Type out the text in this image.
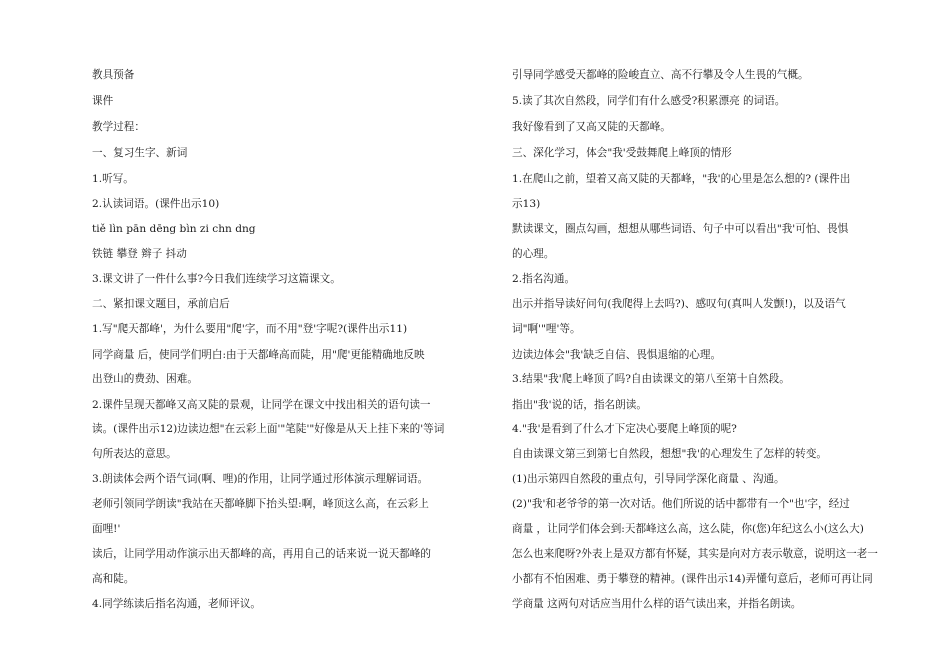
教具预备
课件
教学过程：
一、复习生字、新词
1.听写。
2.认读词语。(课件出示10)
tiě lìn pān dēng bìn zi chn dng
铁链 攀登 辫子 抖动
3.课文讲了一件什么事?今日我们连续学习这篇课文。
二、紧扣课文题目，承前启后
1.写"爬天都峰'，为什么要用"爬'字，而不用"登'字呢?(课件出示11)
同学商量 后，使同学们明白:由于天都峰高而陡，用"爬'更能精确地反映
出登山的费劲、困难。
2.课件呈现天都峰又高又陡的景观，让同学在课文中找出相关的语句读一
读。(课件出示12)边读边想"在云彩上面'"笔陡'"好像是从天上挂下来的'等词
句所表达的意思。
3.朗读体会两个语气词(啊、哩)的作用，让同学通过形体演示理解词语。
老师引领同学朗读"我站在天都峰脚下抬头望:啊，峰顶这么高，在云彩上
面哩!'
读后，让同学用动作演示出天都峰的高，再用自己的话来说一说天都峰的
高和陡。
4.同学练读后指名沟通，老师评议。
引导同学感受天都峰的险峻直立、高不行攀及令人生畏的气概。
5.读了其次自然段，同学们有什么感受?积累漂亮 的词语。
我好像看到了又高又陡的天都峰。
三、深化学习，体会"我'受鼓舞爬上峰顶的情形
1.在爬山之前，望着又高又陡的天都峰，"我'的心里是怎么想的? (课件出
示13)
默读课文，圈点勾画，想想从哪些词语、句子中可以看出"我'可怕、畏惧
的心理。
2.指名沟通。
出示并指导读好问句(我爬得上去吗?)、感叹句(真叫人发颤!)，以及语气
词"啊'"哩'等。
边读边体会"我'缺乏自信、畏惧退缩的心理。
3.结果"我'爬上峰顶了吗?自由读课文的第八至第十自然段。
指出"我'说的话，指名朗读。
4."我'是看到了什么才下定决心要爬上峰顶的呢?
自由读课文第三到第七自然段，想想"我'的心理发生了怎样的转变。
(1)出示第四自然段的重点句，引导同学深化商量 、沟通。
(2)"我'和老爷爷的第一次对话。他们所说的话中都带有一个"也'字，经过
商量 ，让同学们体会到:天都峰这么高，这么陡，你(您)年纪这么小(这么大)
怎么也来爬呀?外表上是双方都有怀疑，其实是向对方表示敬意，说明这一老一
小都有不怕困难、勇于攀登的精神。(课件出示14)弄懂句意后，老师可再让同
学商量 这两句对话应当用什么样的语气读出来，并指名朗读。
